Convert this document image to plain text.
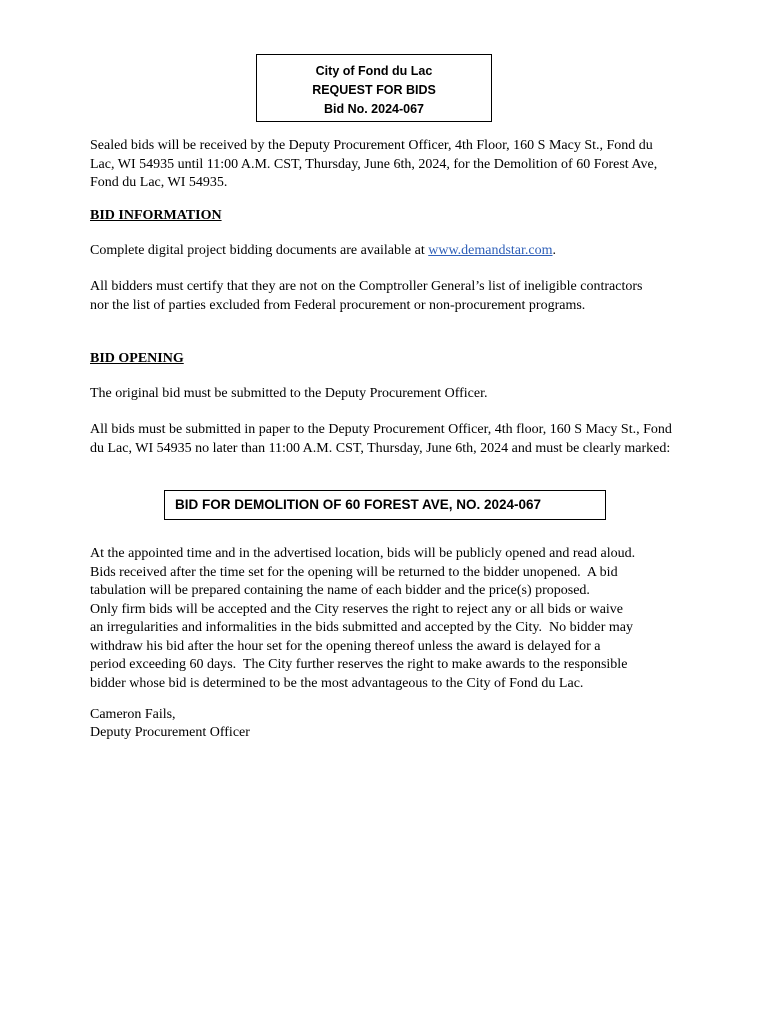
City of Fond du Lac
REQUEST FOR BIDS
Bid No. 2024-067
Sealed bids will be received by the Deputy Procurement Officer, 4th Floor, 160 S Macy St., Fond du Lac, WI 54935 until 11:00 A.M. CST, Thursday, June 6th, 2024, for the Demolition of 60 Forest Ave, Fond du Lac, WI 54935.
BID INFORMATION
Complete digital project bidding documents are available at www.demandstar.com.
All bidders must certify that they are not on the Comptroller General’s list of ineligible contractors nor the list of parties excluded from Federal procurement or non-procurement programs.
BID OPENING
The original bid must be submitted to the Deputy Procurement Officer.
All bids must be submitted in paper to the Deputy Procurement Officer, 4th floor, 160 S Macy St., Fond du Lac, WI 54935 no later than 11:00 A.M. CST, Thursday, June 6th, 2024 and must be clearly marked:
BID FOR DEMOLITION OF 60 FOREST AVE, NO. 2024-067
At the appointed time and in the advertised location, bids will be publicly opened and read aloud.
Bids received after the time set for the opening will be returned to the bidder unopened.  A bid
tabulation will be prepared containing the name of each bidder and the price(s) proposed.
Only firm bids will be accepted and the City reserves the right to reject any or all bids or waive
an irregularities and informalities in the bids submitted and accepted by the City.  No bidder may
withdraw his bid after the hour set for the opening thereof unless the award is delayed for a
period exceeding 60 days.  The City further reserves the right to make awards to the responsible
bidder whose bid is determined to be the most advantageous to the City of Fond du Lac.
Cameron Fails,
Deputy Procurement Officer
